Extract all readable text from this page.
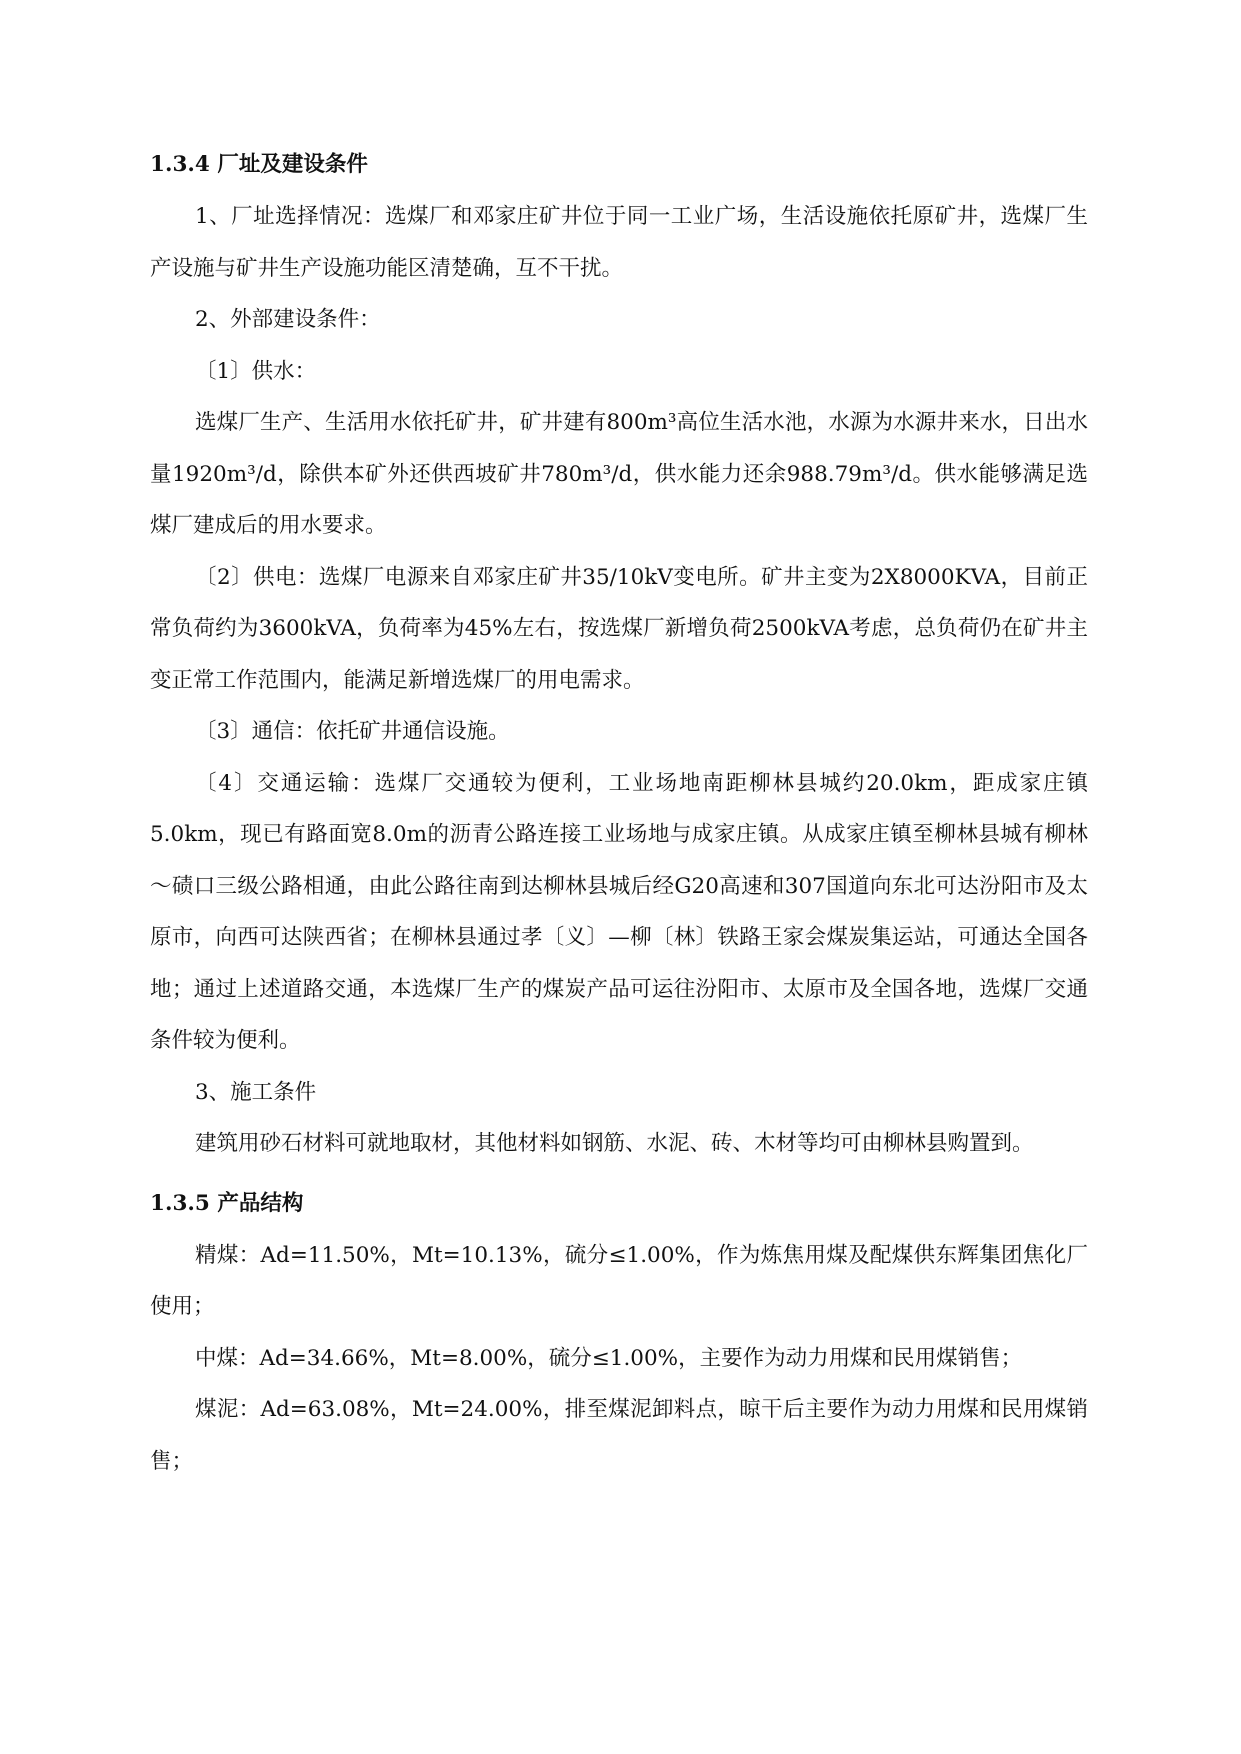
1.3.4 厂址及建设条件

1、厂址选择情况：选煤厂和邓家庄矿井位于同一工业广场，生活设施依托原矿井，选煤厂生产设施与矿井生产设施功能区清楚确，互不干扰。

2、外部建设条件：

〔1〕供水：

选煤厂生产、生活用水依托矿井，矿井建有800m³高位生活水池，水源为水源井来水，日出水量1920m³/d，除供本矿外还供西坡矿井780m³/d，供水能力还余988.79m³/d。供水能够满足选煤厂建成后的用水要求。

〔2〕供电：选煤厂电源来自邓家庄矿井35/10kV变电所。矿井主变为2X8000KVA，目前正常负荷约为3600kVA，负荷率为45%左右，按选煤厂新增负荷2500kVA考虑，总负荷仍在矿井主变正常工作范围内，能满足新增选煤厂的用电需求。

〔3〕通信：依托矿井通信设施。

〔4〕交通运输：选煤厂交通较为便利，工业场地南距柳林县城约20.0km，距成家庄镇5.0km，现已有路面宽8.0m的沥青公路连接工业场地与成家庄镇。从成家庄镇至柳林县城有柳林～碛口三级公路相通，由此公路往南到达柳林县城后经G20高速和307国道向东北可达汾阳市及太原市，向西可达陕西省；在柳林县通过孝〔义〕—柳〔林〕铁路王家会煤炭集运站，可通达全国各地；通过上述道路交通，本选煤厂生产的煤炭产品可运往汾阳市、太原市及全国各地，选煤厂交通条件较为便利。

3、施工条件

建筑用砂石材料可就地取材，其他材料如钢筋、水泥、砖、木材等均可由柳林县购置到。

1.3.5 产品结构

精煤：Ad=11.50%，Mt=10.13%，硫分≤1.00%，作为炼焦用煤及配煤供东辉集团焦化厂使用；

中煤：Ad=34.66%，Mt=8.00%，硫分≤1.00%，主要作为动力用煤和民用煤销售；

煤泥：Ad=63.08%，Mt=24.00%，排至煤泥卸料点，晾干后主要作为动力用煤和民用煤销售；
